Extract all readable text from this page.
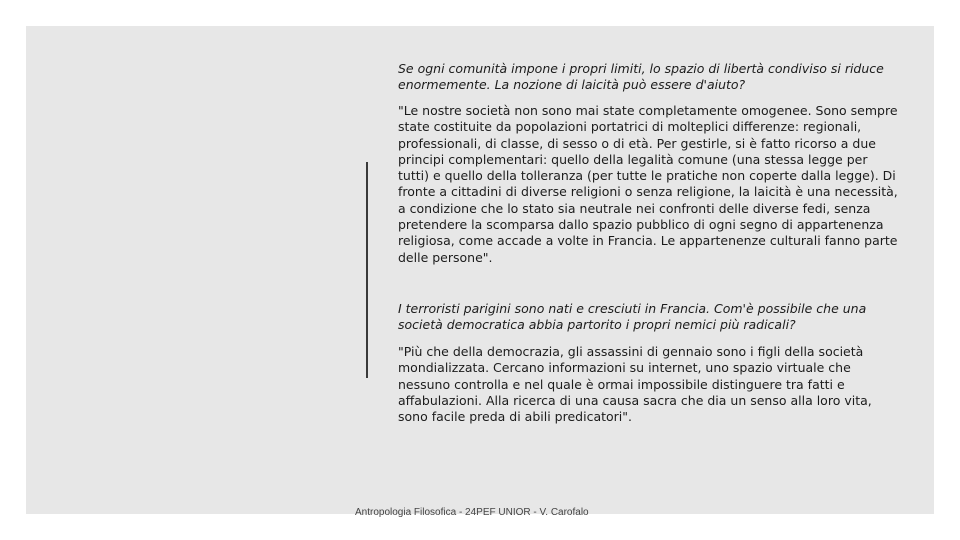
Se ogni comunità impone i propri limiti, lo spazio di libertà condiviso si riduce enormemente. La nozione di laicità può essere d'aiuto?
"Le nostre società non sono mai state completamente omogenee. Sono sempre state costituite da popolazioni portatrici di molteplici differenze: regionali, professionali, di classe, di sesso o di età. Per gestirle, si è fatto ricorso a due principi complementari: quello della legalità comune (una stessa legge per tutti) e quello della tolleranza (per tutte le pratiche non coperte dalla legge). Di fronte a cittadini di diverse religioni o senza religione, la laicità è una necessità, a condizione che lo stato sia neutrale nei confronti delle diverse fedi, senza pretendere la scomparsa dallo spazio pubblico di ogni segno di appartenenza religiosa, come accade a volte in Francia. Le appartenenze culturali fanno parte delle persone".
I terroristi parigini sono nati e cresciuti in Francia. Com'è possibile che una società democratica abbia partorito i propri nemici più radicali?
"Più che della democrazia, gli assassini di gennaio sono i figli della società mondializzata. Cercano informazioni su internet, uno spazio virtuale che nessuno controlla e nel quale è ormai impossibile distinguere tra fatti e affabulazioni. Alla ricerca di una causa sacra che dia un senso alla loro vita, sono facile preda di abili predicatori".
Antropologia Filosofica - 24PEF UNIOR - V. Carofalo
